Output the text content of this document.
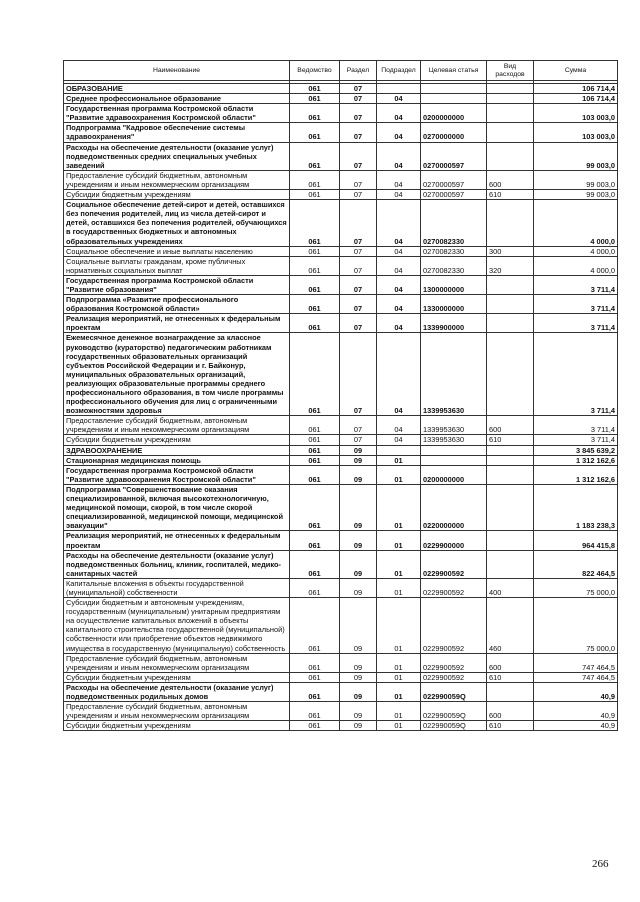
Наименование	Ведомство	Раздел	Подраздел	Целевая статья	Вид расходов	Сумма

ОБРАЗОВАНИЕ	061	07				106 714,4
Среднее профессиональное образование	061	07	04			106 714,4
Государственная программа Костромской области "Развитие здравоохранения Костромской области"	061	07	04	0200000000		103 003,0
Подпрограмма "Кадровое обеспечение системы здравоохранения"	061	07	04	0270000000		103 003,0
Расходы на обеспечение деятельности (оказание услуг) подведомственных средних специальных учебных заведений	061	07	04	0270000597		99 003,0
Предоставление субсидий бюджетным, автономным учреждениям и иным некоммерческим организациям	061	07	04	0270000597	600	99 003,0
Субсидии бюджетным учреждениям	061	07	04	0270000597	610	99 003,0
Социальное обеспечение детей-сирот и детей, оставшихся без попечения родителей, лиц из числа детей-сирот и детей, оставшихся без попечения родителей, обучающихся в государственных бюджетных и автономных образовательных учреждениях	061	07	04	0270082330		4 000,0
Социальное обеспечение и иные выплаты населению	061	07	04	0270082330	300	4 000,0
Социальные выплаты гражданам, кроме публичных нормативных социальных выплат	061	07	04	0270082330	320	4 000,0
Государственная программа Костромской области "Развитие образования"	061	07	04	1300000000		3 711,4
Подпрограмма «Развитие профессионального образования Костромской области»	061	07	04	1330000000		3 711,4
Реализация мероприятий, не отнесенных к федеральным проектам	061	07	04	1339900000		3 711,4
Ежемесячное денежное вознаграждение за классное руководство (кураторство) педагогическим работникам государственных образовательных организаций субъектов Российской Федерации и г. Байконур, муниципальных образовательных организаций, реализующих образовательные программы среднего профессионального образования, в том числе программы профессионального обучения для лиц с ограниченными возможностями здоровья	061	07	04	1339953630		3 711,4
Предоставление субсидий бюджетным, автономным учреждениям и иным некоммерческим организациям	061	07	04	1339953630	600	3 711,4
Субсидии бюджетным учреждениям	061	07	04	1339953630	610	3 711,4
ЗДРАВООХРАНЕНИЕ	061	09				3 845 639,2
Стационарная медицинская помощь	061	09	01			1 312 162,6
Государственная программа Костромской области "Развитие здравоохранения Костромской области"	061	09	01	0200000000		1 312 162,6
Подпрограмма "Совершенствование оказания специализированной, включая высокотехнологичную, медицинской помощи, скорой, в том числе скорой специализированной, медицинской помощи, медицинской эвакуации"	061	09	01	0220000000		1 183 238,3
Реализация мероприятий, не отнесенных к федеральным проектам	061	09	01	0229900000		964 415,8
Расходы на обеспечение деятельности (оказание услуг) подведомственных больниц, клиник, госпиталей, медико-санитарных частей	061	09	01	0229900592		822 464,5
Капитальные вложения в объекты государственной (муниципальной) собственности	061	09	01	0229900592	400	75 000,0
Субсидии бюджетным и автономным учреждениям, государственным (муниципальным) унитарным предприятиям на осуществление капитальных вложений в объекты капитального строительства государственной (муниципальной) собственности или приобретение объектов недвижимого имущества в государственную (муниципальную) собственность	061	09	01	0229900592	460	75 000,0
Предоставление субсидий бюджетным, автономным учреждениям и иным некоммерческим организациям	061	09	01	0229900592	600	747 464,5
Субсидии бюджетным учреждениям	061	09	01	0229900592	610	747 464,5
Расходы на обеспечение деятельности (оказание услуг) подведомственных родильных домов	061	09	01	022990059Q		40,9
Предоставление субсидий бюджетным, автономным учреждениям и иным некоммерческим организациям	061	09	01	022990059Q	600	40,9
Субсидии бюджетным учреждениям	061	09	01	022990059Q	610	40,9
266
